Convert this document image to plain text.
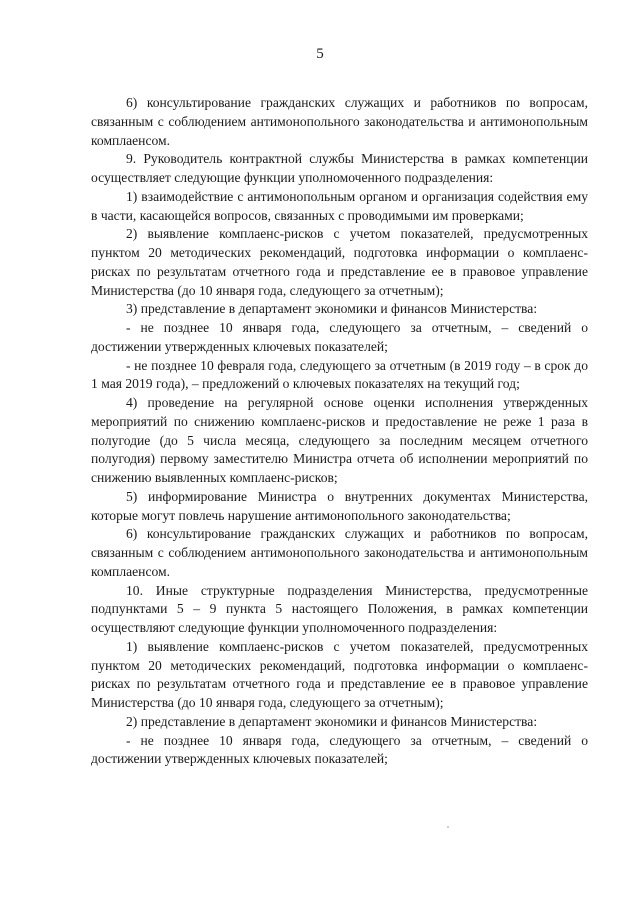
5

6) консультирование гражданских служащих и работников по вопросам, связанным с соблюдением антимонопольного законодательства и антимонопольным комплаенсом.

9. Руководитель контрактной службы Министерства в рамках компетенции осуществляет следующие функции уполномоченного подразделения:

1) взаимодействие с антимонопольным органом и организация содействия ему в части, касающейся вопросов, связанных с проводимыми им проверками;

2) выявление комплаенс-рисков с учетом показателей, предусмотренных пунктом 20 методических рекомендаций, подготовка информации о комплаенс-рисках по результатам отчетного года и представление ее в правовое управление Министерства (до 10 января года, следующего за отчетным);

3) представление в департамент экономики и финансов Министерства:

- не позднее 10 января года, следующего за отчетным, – сведений о достижении утвержденных ключевых показателей;

- не позднее 10 февраля года, следующего за отчетным (в 2019 году – в срок до 1 мая 2019 года), – предложений о ключевых показателях на текущий год;

4) проведение на регулярной основе оценки исполнения утвержденных мероприятий по снижению комплаенс-рисков и предоставление не реже 1 раза в полугодие (до 5 числа месяца, следующего за последним месяцем отчетного полугодия) первому заместителю Министра отчета об исполнении мероприятий по снижению выявленных комплаенс-рисков;

5) информирование Министра о внутренних документах Министерства, которые могут повлечь нарушение антимонопольного законодательства;

6) консультирование гражданских служащих и работников по вопросам, связанным с соблюдением антимонопольного законодательства и антимонопольным комплаенсом.

10. Иные структурные подразделения Министерства, предусмотренные подпунктами 5 – 9 пункта 5 настоящего Положения, в рамках компетенции осуществляют следующие функции уполномоченного подразделения:

1) выявление комплаенс-рисков с учетом показателей, предусмотренных пунктом 20 методических рекомендаций, подготовка информации о комплаенс-рисках по результатам отчетного года и представление ее в правовое управление Министерства (до 10 января года, следующего за отчетным);

2) представление в департамент экономики и финансов Министерства:

- не позднее 10 января года, следующего за отчетным, – сведений о достижении утвержденных ключевых показателей;
